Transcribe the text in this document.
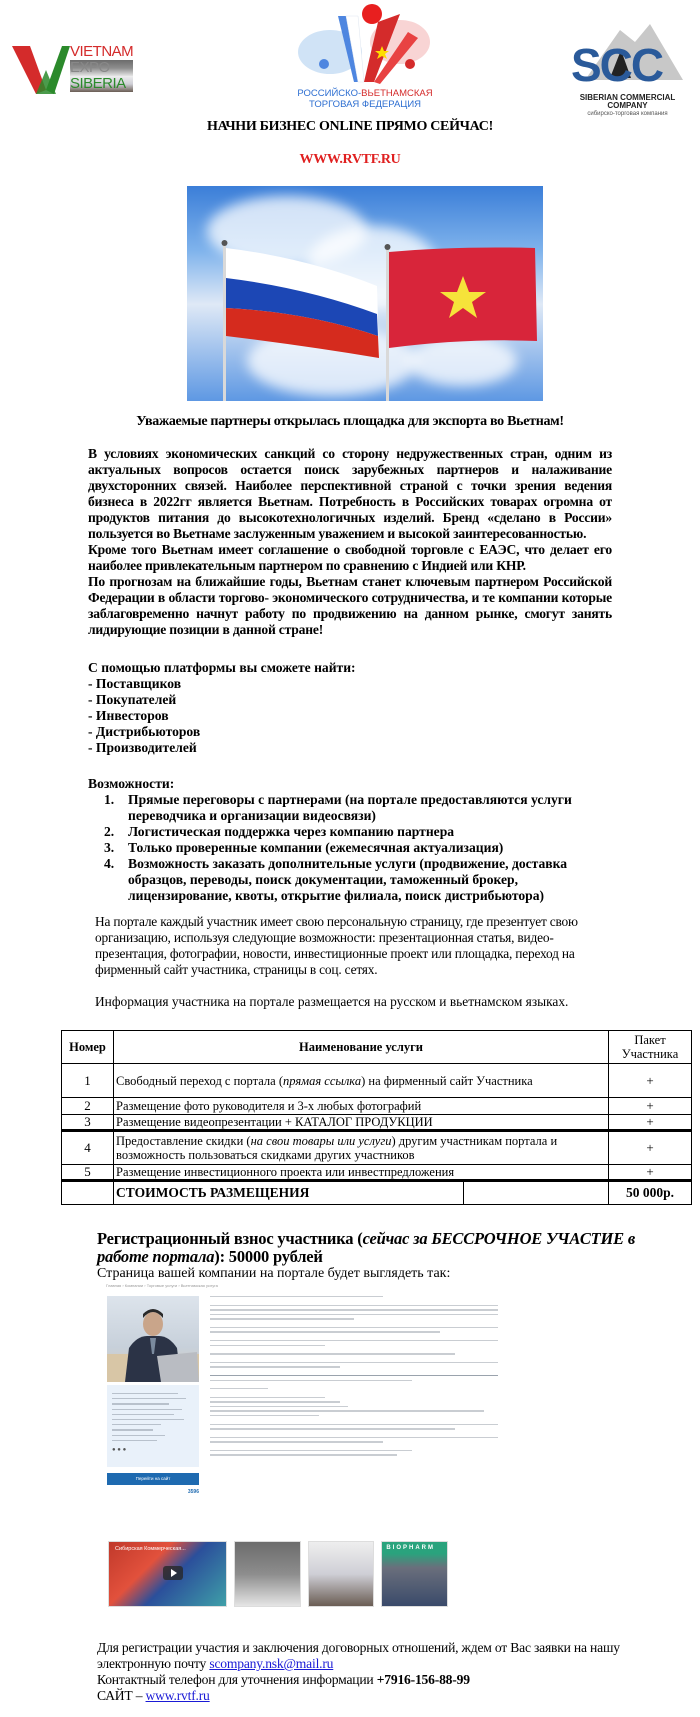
VIETNAM
EXPO
SIBERIA
РОССИЙСКО-ВЬЕТНАМСКАЯ
ТОРГОВАЯ ФЕДЕРАЦИЯ
SCC
SIBERIAN COMMERCIAL
COMPANY
сибирско-торговая компания
НАЧНИ БИЗНЕС ONLINE ПРЯМО СЕЙЧАС!
WWW.RVTF.RU
Уважаемые партнеры открылась площадка для экспорта во Вьетнам!
В условиях экономических санкций со сторону недружественных стран, одним из актуальных вопросов остается поиск зарубежных партнеров и налаживание двухсторонних связей. Наиболее перспективной страной с точки зрения ведения бизнеса в 2022гг является Вьетнам. Потребность в Российских товарах огромна от продуктов питания до высокотехнологичных изделий. Бренд «сделано в России» пользуется во Вьетнаме заслуженным уважением и высокой заинтересованностью.
Кроме того Вьетнам имеет соглашение о свободной торговле с ЕАЭС, что делает его наиболее привлекательным партнером по сравнению с Индией или КНР.
По прогнозам на ближайшие годы, Вьетнам станет ключевым партнером Российской Федерации в области торгово- экономического сотрудничества, и те компании которые заблаговременно начнут работу по продвижению на данном рынке, смогут занять лидирующие позиции в данной стране!
С помощью платформы вы сможете найти:
- Поставщиков
- Покупателей
- Инвесторов
- Дистрибьюторов
- Производителей
Возможности:
1.	Прямые переговоры с партнерами (на портале предоставляются услуги переводчика и организации видеосвязи)
2.	Логистическая поддержка через компанию партнера
3.	Только проверенные компании (ежемесячная актуализация)
4.	Возможность заказать дополнительные услуги (продвижение, доставка образцов, переводы, поиск документации, таможенный брокер, лицензирование, квоты, открытие филиала, поиск дистрибьютора)
На портале каждый участник имеет свою персональную страницу, где презентует свою организацию, используя следующие возможности: презентационная статья, видео-презентация, фотографии, новости, инвестиционные проект или площадка, переход на фирменный сайт участника, страницы в соц. сетях.
Информация участника на портале размещается на русском и вьетнамском языках.
Номер	Наименование услуги		Пакет Участника
1	Свободный переход с портала (прямая ссылка) на фирменный сайт Участника		+
2	Размещение фото руководителя и 3-х любых фотографий		+
3	Размещение видеопрезентации + КАТАЛОГ ПРОДУКЦИИ		+
4	Предоставление скидки (на свои товары или услуги) другим участникам портала и возможность пользоваться скидками других участников		+
5	Размещение инвестиционного проекта или инвестпредложения		+
	СТОИМОСТЬ РАЗМЕЩЕНИЯ		50 000р.
Регистрационный взнос участника (сейчас за БЕССРОЧНОЕ УЧАСТИЕ в работе портала): 50000 рублей
Страница вашей компании на портале будет выглядеть так:
Главная › Компании › Торговые услуги › Вьетнамская услуга
● ● ●
Перейти на сайт
3596
Сибирская Коммерческая...	BIOPHARM
Для регистрации участия и заключения договорных отношений, ждем от Вас заявки на нашу электронную почту scompany.nsk@mail.ru
Контактный телефон для уточнения информации +7916-156-88-99
САЙТ – www.rvtf.ru
